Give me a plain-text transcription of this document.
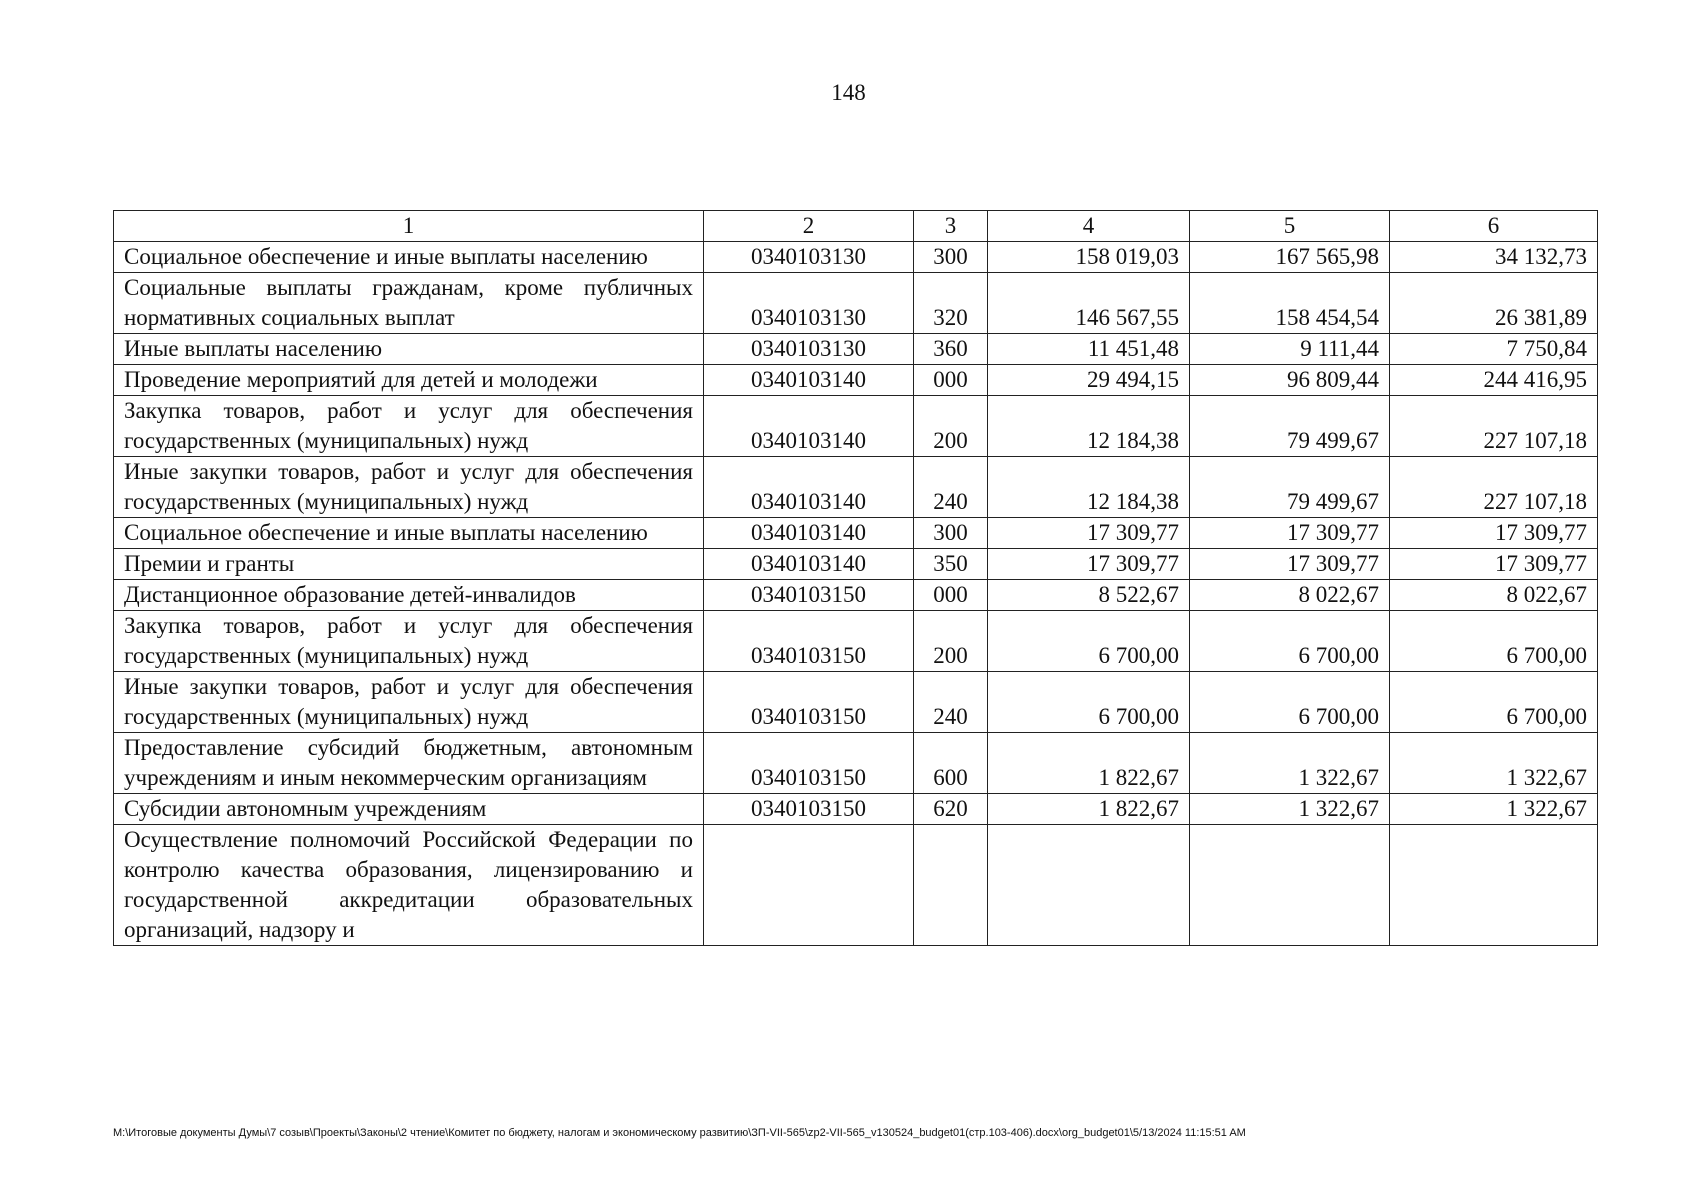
148
1	2	3	4	5	6
Социальное обеспечение и иные выплаты населению	0340103130	300	158 019,03	167 565,98	34 132,73
Социальные выплаты гражданам, кроме публичных нормативных социальных выплат	0340103130	320	146 567,55	158 454,54	26 381,89
Иные выплаты населению	0340103130	360	11 451,48	9 111,44	7 750,84
Проведение мероприятий для детей и молодежи	0340103140	000	29 494,15	96 809,44	244 416,95
Закупка товаров, работ и услуг для обеспечения государственных (муниципальных) нужд	0340103140	200	12 184,38	79 499,67	227 107,18
Иные закупки товаров, работ и услуг для обеспечения государственных (муниципальных) нужд	0340103140	240	12 184,38	79 499,67	227 107,18
Социальное обеспечение и иные выплаты населению	0340103140	300	17 309,77	17 309,77	17 309,77
Премии и гранты	0340103140	350	17 309,77	17 309,77	17 309,77
Дистанционное образование детей-инвалидов	0340103150	000	8 522,67	8 022,67	8 022,67
Закупка товаров, работ и услуг для обеспечения государственных (муниципальных) нужд	0340103150	200	6 700,00	6 700,00	6 700,00
Иные закупки товаров, работ и услуг для обеспечения государственных (муниципальных) нужд	0340103150	240	6 700,00	6 700,00	6 700,00
Предоставление субсидий бюджетным, автономным учреждениям и иным некоммерческим организациям	0340103150	600	1 822,67	1 322,67	1 322,67
Субсидии автономным учреждениям	0340103150	620	1 822,67	1 322,67	1 322,67
Осуществление полномочий Российской Федерации по контролю качества образования, лицензированию и государственной аккредитации образовательных организаций, надзору и					
M:\Итоговые документы Думы\7 созыв\Проекты\Законы\2 чтение\Комитет по бюджету, налогам и экономическому развитию\ЗП-VII-565\zp2-VII-565_v130524_budget01(стр.103-406).docx\org_budget01\5/13/2024 11:15:51 AM
